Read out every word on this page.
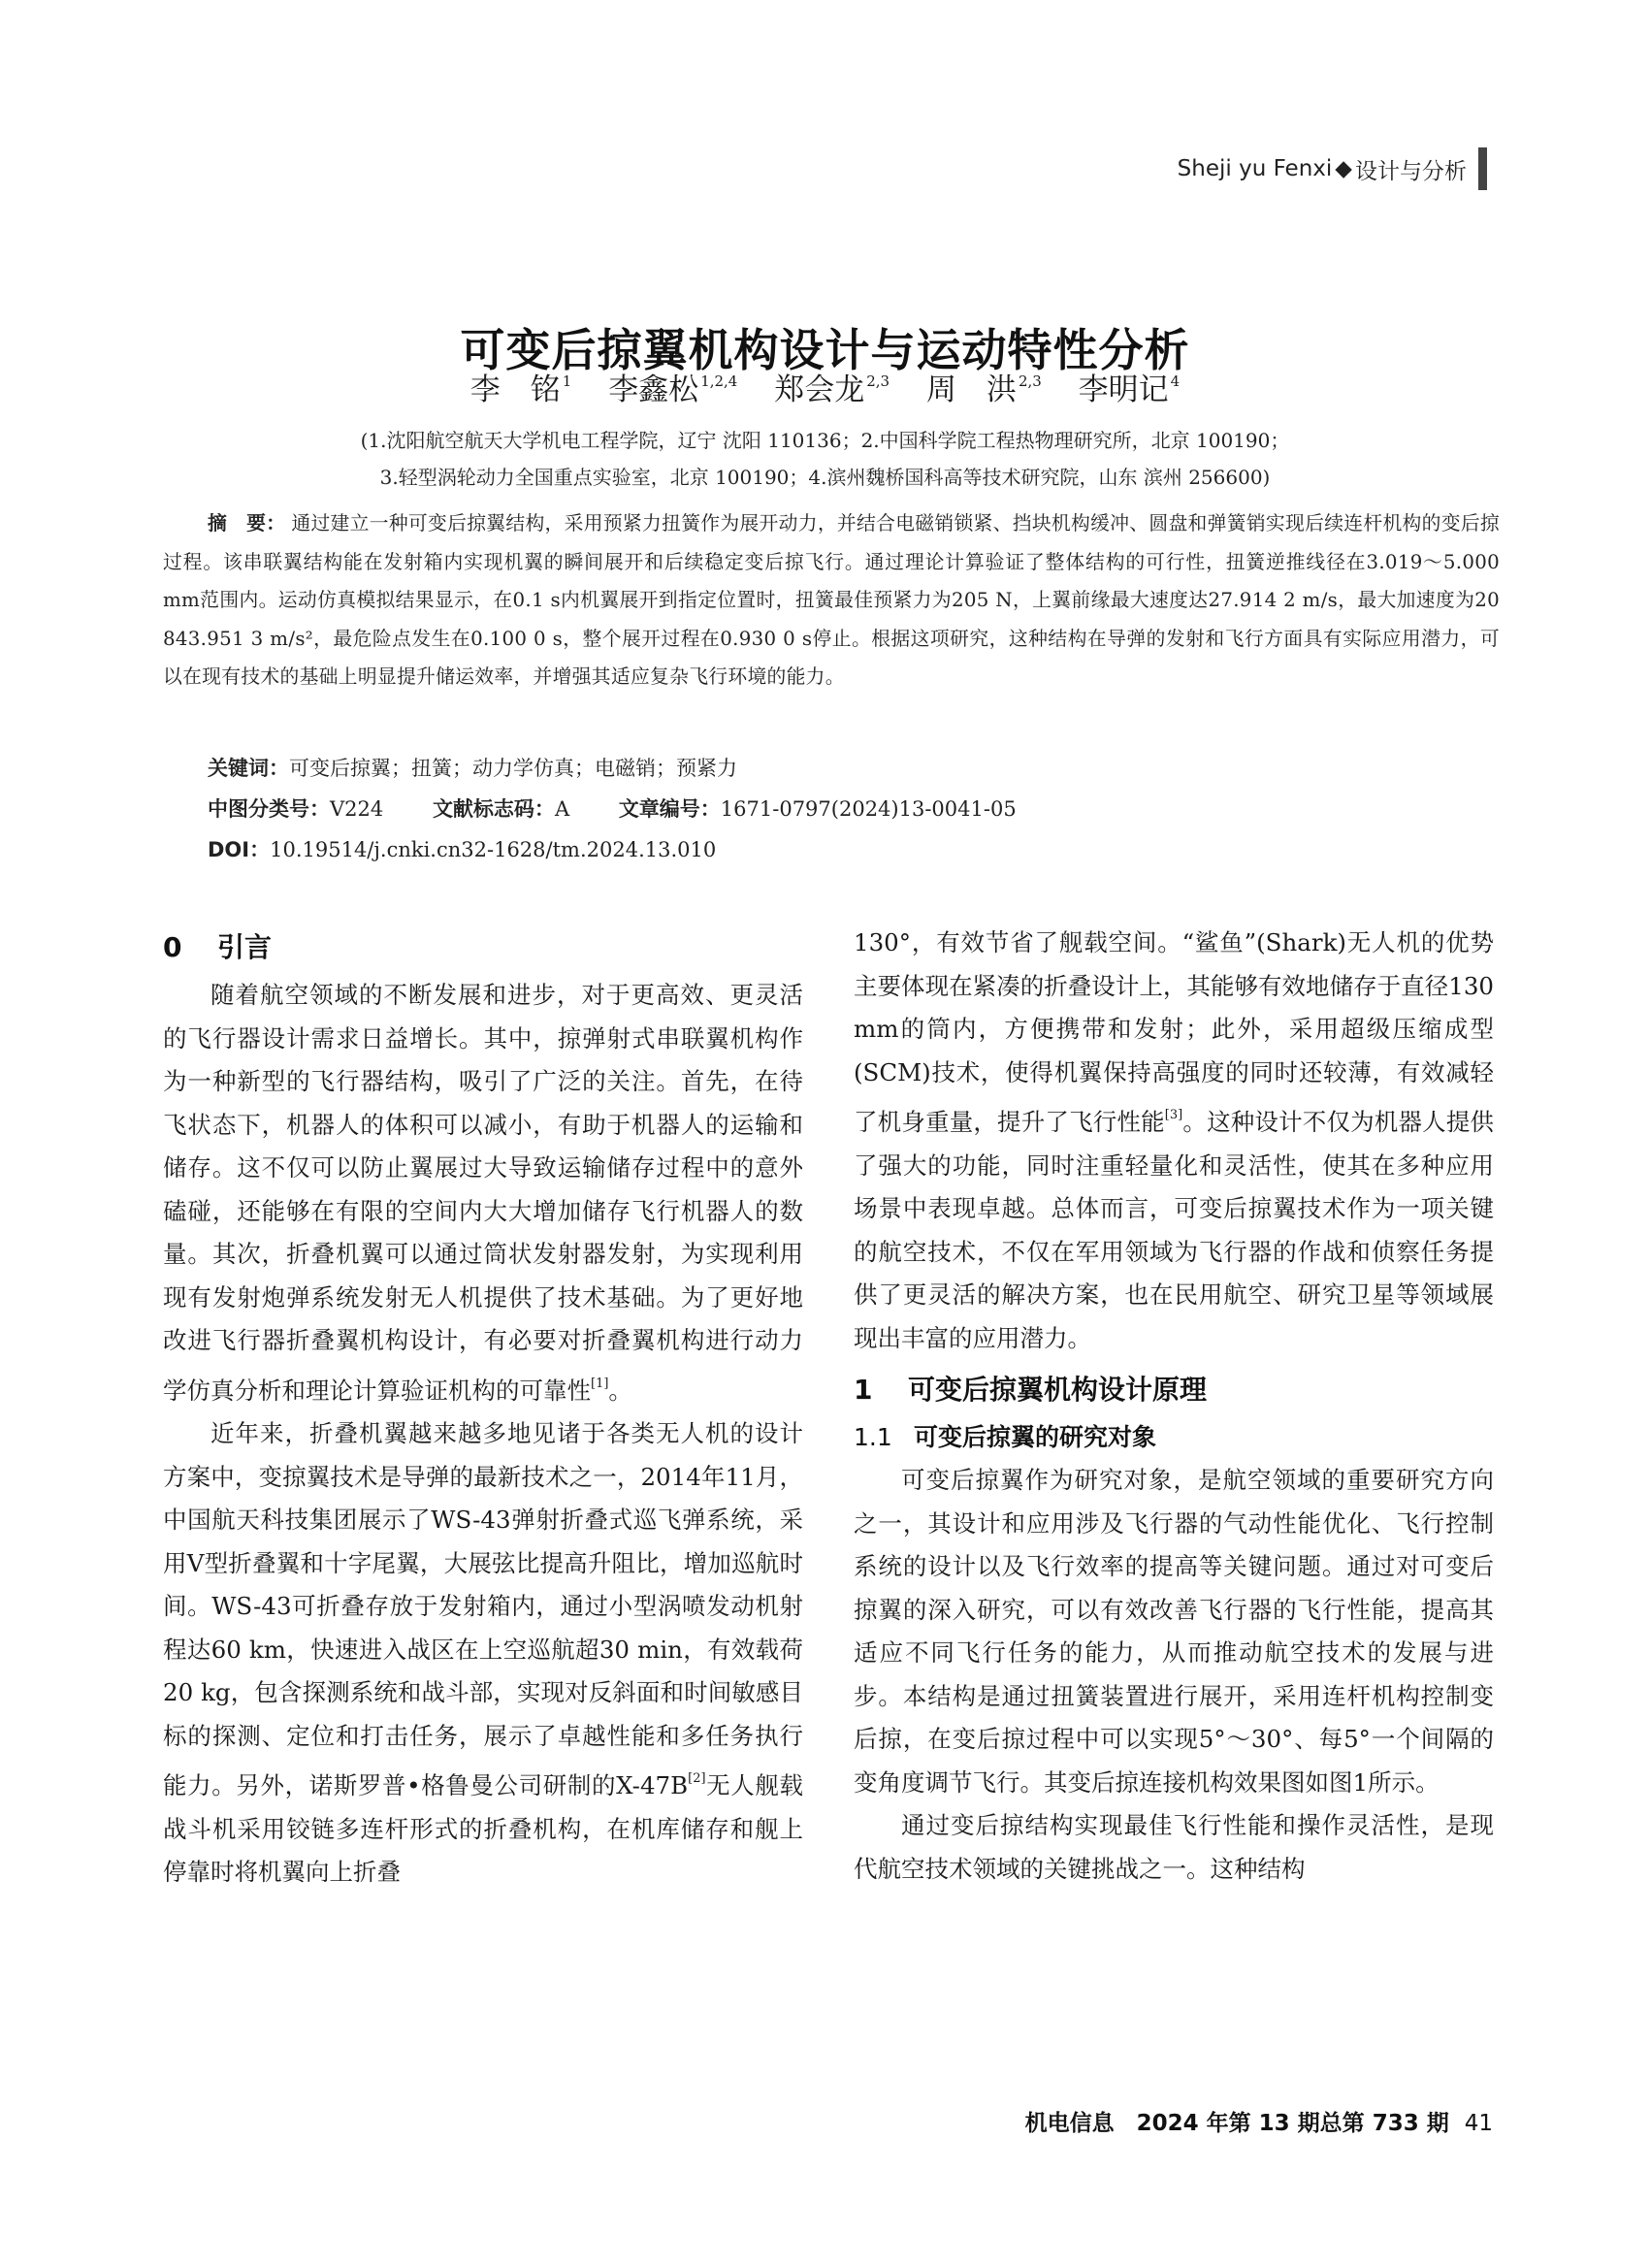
Sheji yu Fenxi ◆ 设计与分析
可变后掠翼机构设计与运动特性分析
李　铭 $^1$ 李鑫松 $^{1,2,4}$ 郑会龙 $^{2,3}$ 周　洪 $^{2,3}$ 李明记 $^4$
(1.沈阳航空航天大学机电工程学院，辽宁 沈阳 110136；2.中国科学院工程热物理研究所，北京 100190；
3.轻型涡轮动力全国重点实验室，北京 100190；4.滨州魏桥国科高等技术研究院，山东 滨州 256600)
摘　要： 通过建立一种可变后掠翼结构，采用预紧力扭簧作为展开动力，并结合电磁销锁紧、挡块机构缓冲、圆盘和弹簧销实现后续连杆机构的变后掠过程。该串联翼结构能在发射箱内实现机翼的瞬间展开和后续稳定变后掠飞行。通过理论计算验证了整体结构的可行性，扭簧逆推线径在3.019～5.000 mm范围内。运动仿真模拟结果显示，在0.1 s内机翼展开到指定位置时，扭簧最佳预紧力为205 N，上翼前缘最大速度达27.914 2 m/s，最大加速度为20 843.951 3 m/s²，最危险点发生在0.100 0 s，整个展开过程在0.930 0 s停止。根据这项研究，这种结构在导弹的发射和飞行方面具有实际应用潜力，可以在现有技术的基础上明显提升储运效率，并增强其适应复杂飞行环境的能力。
关键词：可变后掠翼；扭簧；动力学仿真；电磁销；预紧力
中图分类号：V224 文献标志码：A 文章编号：1671-0797(2024)13-0041-05
DOI：10.19514/j.cnki.cn32-1628/tm.2024.13.010
0 引言

随着航空领域的不断发展和进步，对于更高效、更灵活的飞行器设计需求日益增长。其中，掠弹射式串联翼机构作为一种新型的飞行器结构，吸引了广泛的关注。首先，在待飞状态下，机器人的体积可以减小，有助于机器人的运输和储存。这不仅可以防止翼展过大导致运输储存过程中的意外磕碰，还能够在有限的空间内大大增加储存飞行机器人的数量。其次，折叠机翼可以通过筒状发射器发射，为实现利用现有发射炮弹系统发射无人机提供了技术基础。为了更好地改进飞行器折叠翼机构设计，有必要对折叠翼机构进行动力学仿真分析和理论计算验证机构的可靠性[1]。

近年来，折叠机翼越来越多地见诸于各类无人机的设计方案中，变掠翼技术是导弹的最新技术之一，2014年11月，中国航天科技集团展示了WS-43弹射折叠式巡飞弹系统，采用V型折叠翼和十字尾翼，大展弦比提高升阻比，增加巡航时间。WS-43可折叠存放于发射箱内，通过小型涡喷发动机射程达60 km，快速进入战区在上空巡航超30 min，有效载荷20 kg，包含探测系统和战斗部，实现对反斜面和时间敏感目标的探测、定位和打击任务，展示了卓越性能和多任务执行能力。另外，诺斯罗普•格鲁曼公司研制的X-47B[2]无人舰载战斗机采用铰链多连杆形式的折叠机构，在机库储存和舰上停靠时将机翼向上折叠

130°，有效节省了舰载空间。“鲨鱼”(Shark)无人机的优势主要体现在紧凑的折叠设计上，其能够有效地储存于直径130 mm的筒内，方便携带和发射；此外，采用超级压缩成型(SCM)技术，使得机翼保持高强度的同时还较薄，有效减轻了机身重量，提升了飞行性能[3]。这种设计不仅为机器人提供了强大的功能，同时注重轻量化和灵活性，使其在多种应用场景中表现卓越。总体而言，可变后掠翼技术作为一项关键的航空技术，不仅在军用领域为飞行器的作战和侦察任务提供了更灵活的解决方案，也在民用航空、研究卫星等领域展现出丰富的应用潜力。

1 可变后掠翼机构设计原理
1.1 可变后掠翼的研究对象

可变后掠翼作为研究对象，是航空领域的重要研究方向之一，其设计和应用涉及飞行器的气动性能优化、飞行控制系统的设计以及飞行效率的提高等关键问题。通过对可变后掠翼的深入研究，可以有效改善飞行器的飞行性能，提高其适应不同飞行任务的能力，从而推动航空技术的发展与进步。本结构是通过扭簧装置进行展开，采用连杆机构控制变后掠，在变后掠过程中可以实现5°～30°、每5°一个间隔的变角度调节飞行。其变后掠连接机构效果图如图1所示。

通过变后掠结构实现最佳飞行性能和操作灵活性，是现代航空技术领域的关键挑战之一。这种结构

机电信息　2024 年第 13 期总第 733 期 41
